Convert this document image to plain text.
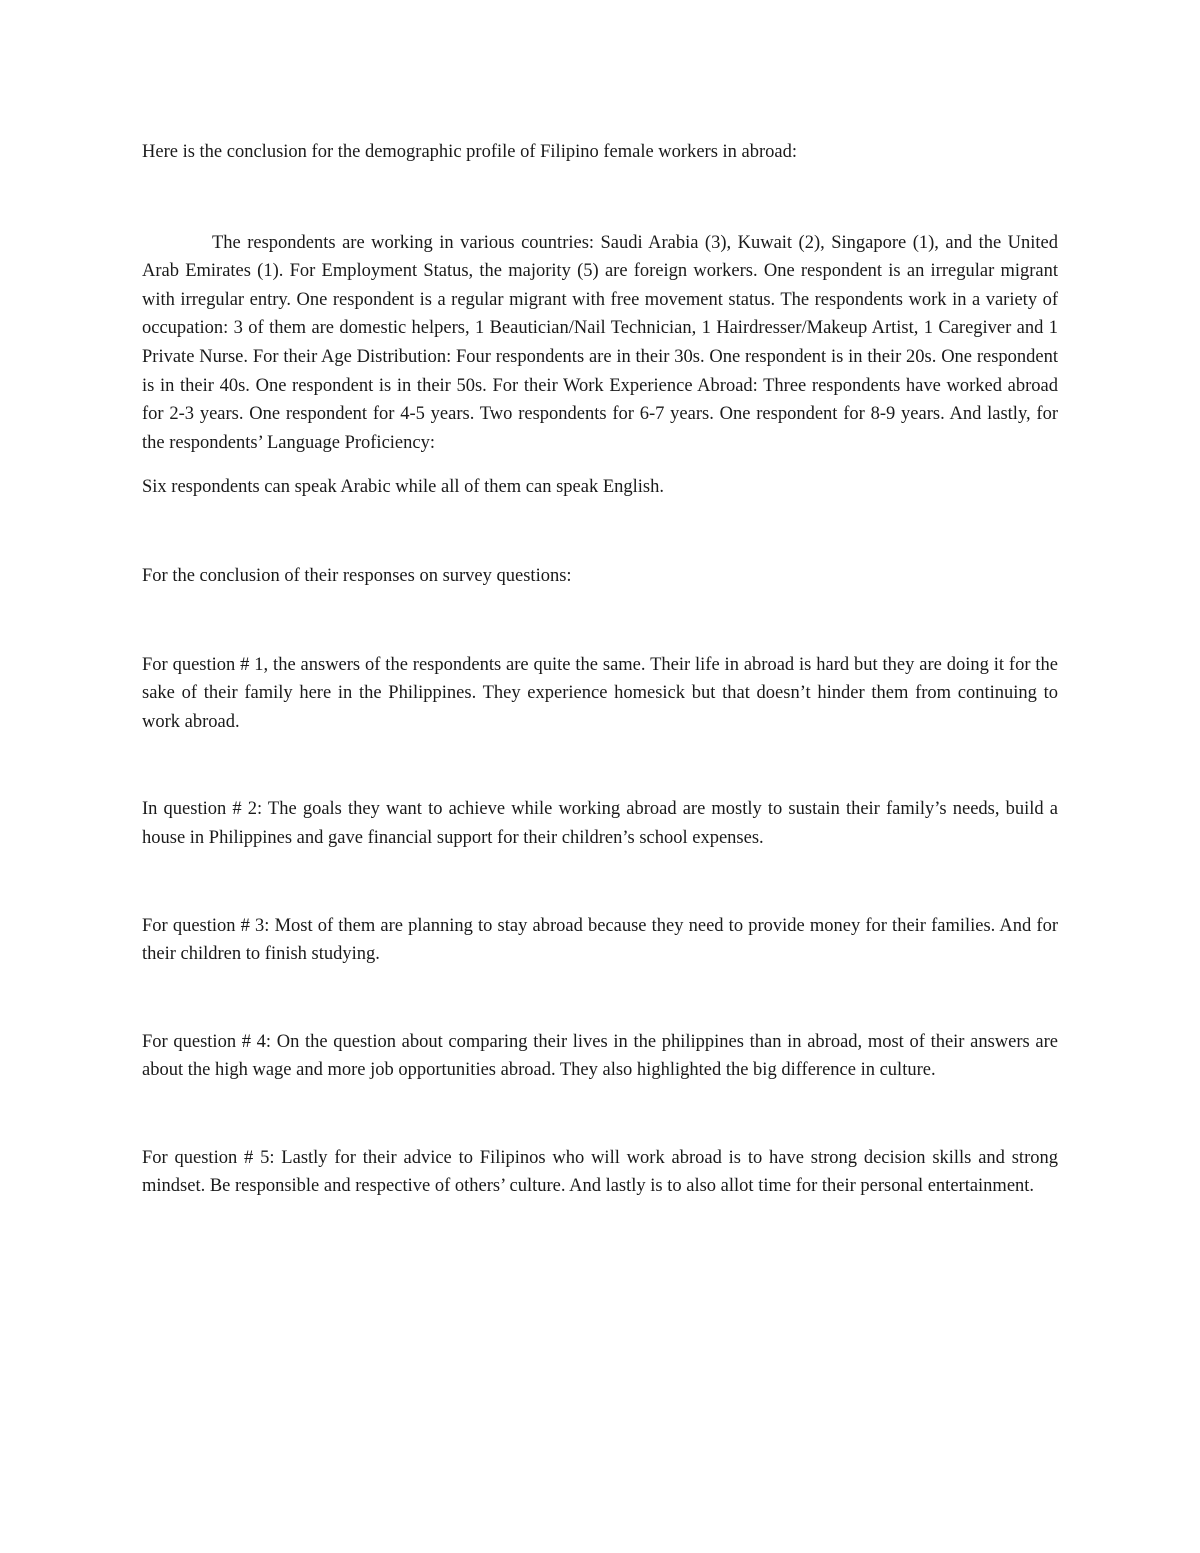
Here is the conclusion for the demographic profile of Filipino female workers in abroad:

The respondents are working in various countries: Saudi Arabia (3), Kuwait (2), Singapore (1), and the United Arab Emirates (1). For Employment Status, the majority (5) are foreign workers. One respondent is an irregular migrant with irregular entry. One respondent is a regular migrant with free movement status. The respondents work in a variety of occupation: 3 of them are domestic helpers, 1 Beautician/Nail Technician, 1 Hairdresser/Makeup Artist, 1 Caregiver and 1 Private Nurse. For their Age Distribution: Four respondents are in their 30s. One respondent is in their 20s. One respondent is in their 40s. One respondent is in their 50s. For their Work Experience Abroad: Three respondents have worked abroad for 2-3 years. One respondent for 4-5 years. Two respondents for 6-7 years. One respondent for 8-9 years. And lastly, for the respondents’ Language Proficiency:

Six respondents can speak Arabic while all of them can speak English.

For the conclusion of their responses on survey questions:

For question # 1, the answers of the respondents are quite the same. Their life in abroad is hard but they are doing it for the sake of their family here in the Philippines. They experience homesick but that doesn’t hinder them from continuing to work abroad.

In question # 2: The goals they want to achieve while working abroad are mostly to sustain their family’s needs, build a house in Philippines and gave financial support for their children’s school expenses.

For question # 3: Most of them are planning to stay abroad because they need to provide money for their families. And for their children to finish studying.

For question # 4: On the question about comparing their lives in the philippines than in abroad, most of their answers are about the high wage and more job opportunities abroad. They also highlighted the big difference in culture.

For question # 5: Lastly for their advice to Filipinos who will work abroad is to have strong decision skills and strong mindset. Be responsible and respective of others’ culture. And lastly is to also allot time for their personal entertainment.
